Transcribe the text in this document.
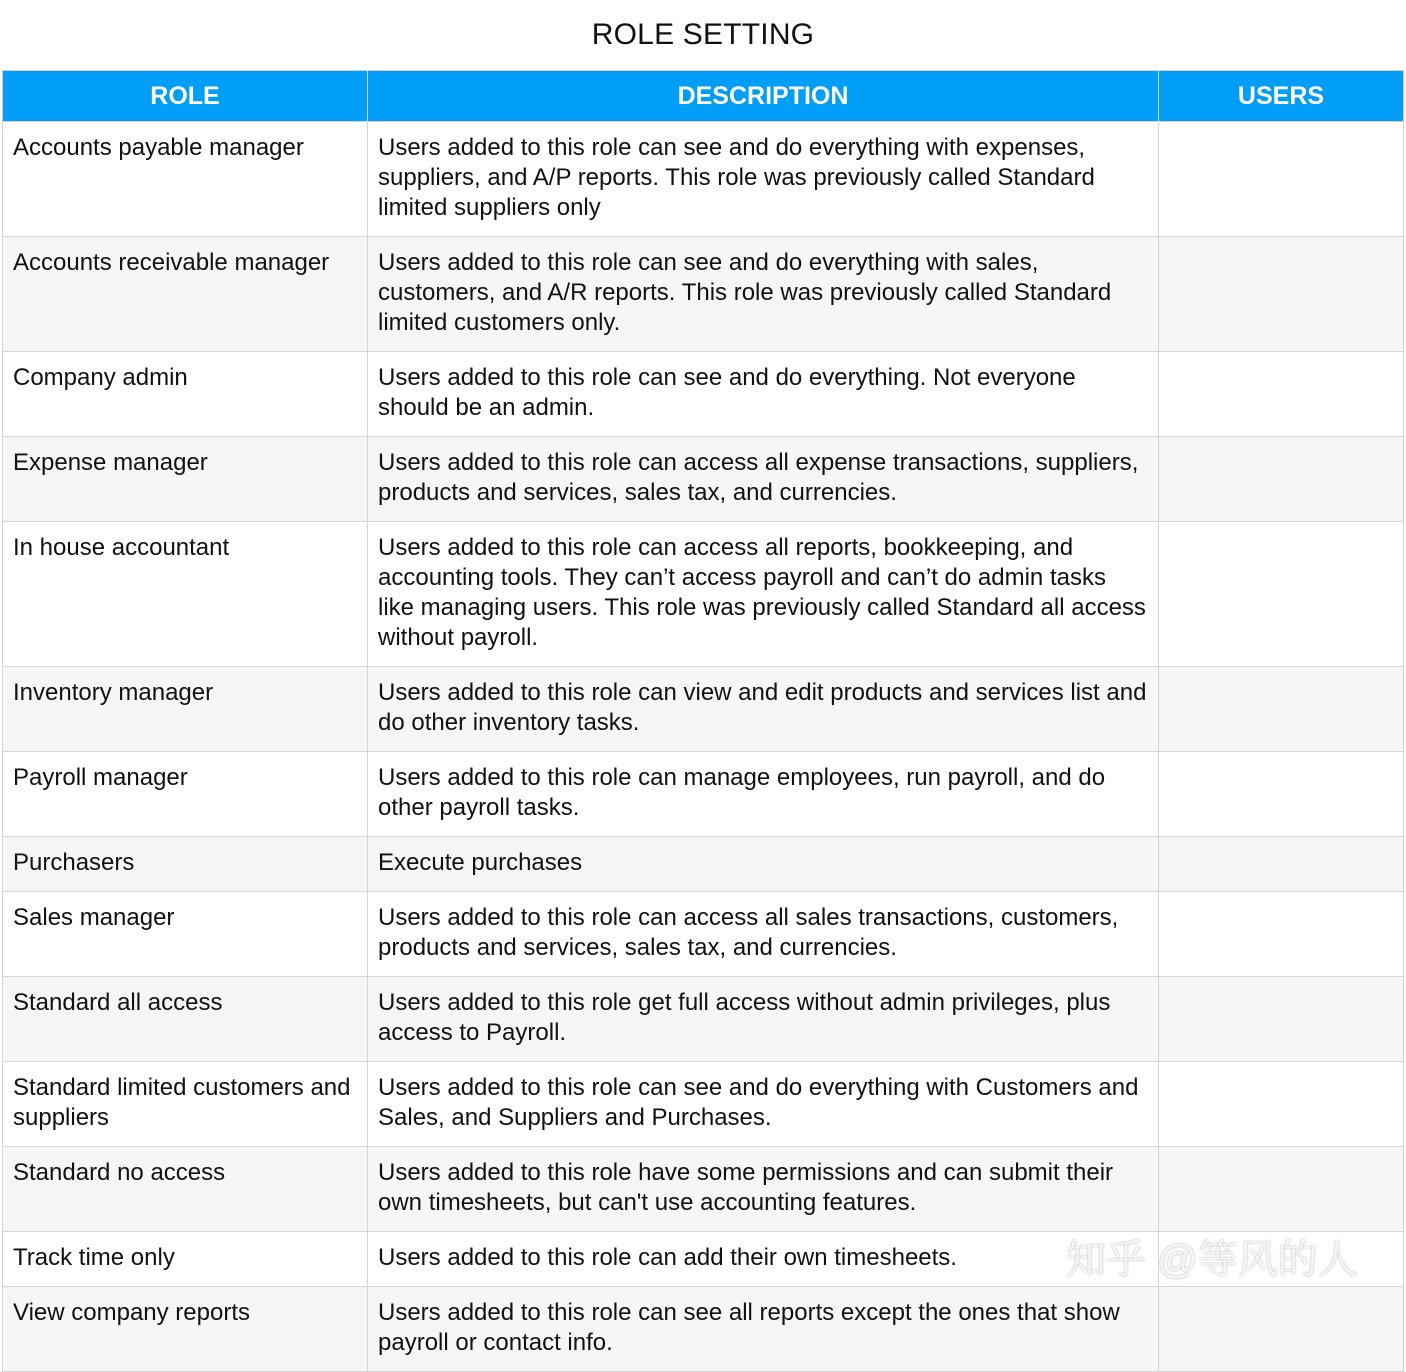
ROLE SETTING
ROLE	DESCRIPTION	USERS
Accounts payable manager	Users added to this role can see and do everything with expenses, suppliers, and A/P reports. This role was previously called Standard limited suppliers only	
Accounts receivable manager	Users added to this role can see and do everything with sales, customers, and A/R reports. This role was previously called Standard limited customers only.	
Company admin	Users added to this role can see and do everything. Not everyone should be an admin.	
Expense manager	Users added to this role can access all expense transactions, suppliers, products and services, sales tax, and currencies.	
In house accountant	Users added to this role can access all reports, bookkeeping, and accounting tools. They can’t access payroll and can’t do admin tasks like managing users. This role was previously called Standard all access without payroll.	
Inventory manager	Users added to this role can view and edit products and services list and do other inventory tasks.	
Payroll manager	Users added to this role can manage employees, run payroll, and do other payroll tasks.	
Purchasers	Execute purchases	
Sales manager	Users added to this role can access all sales transactions, customers, products and services, sales tax, and currencies.	
Standard all access	Users added to this role get full access without admin privileges, plus access to Payroll.	
Standard limited customers and suppliers	Users added to this role can see and do everything with Customers and Sales, and Suppliers and Purchases.	
Standard no access	Users added to this role have some permissions and can submit their own timesheets, but can't use accounting features.	
Track time only	Users added to this role can add their own timesheets.	
View company reports	Users added to this role can see all reports except the ones that show payroll or contact info.	
知乎 @等风的人
